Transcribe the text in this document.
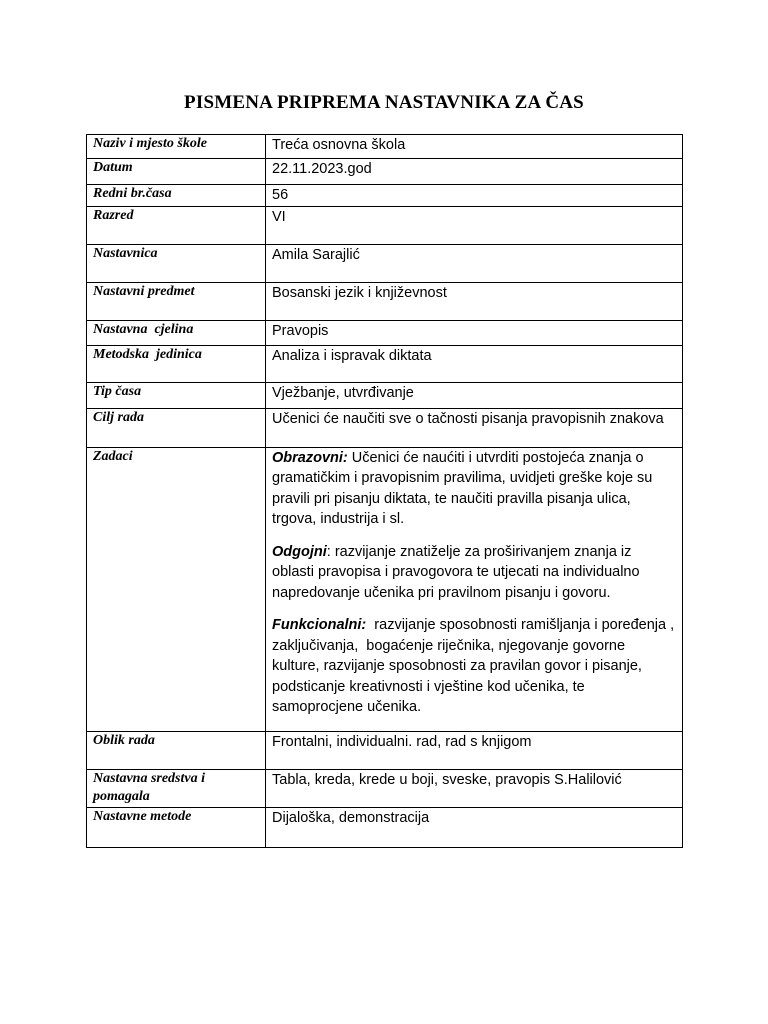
PISMENA PRIPREMA NASTAVNIKA ZA ČAS
Naziv i mjesto škole	Treća osnovna škola
Datum	22.11.2023.god
Redni br.časa	56
Razred	VI
Nastavnica	Amila Sarajlić
Nastavni predmet	Bosanski jezik i književnost
Nastavna  cjelina	Pravopis
Metodska  jedinica	Analiza i ispravak diktata
Tip časa	Vježbanje, utvrđivanje
Cilj rada	Učenici će naučiti sve o tačnosti pisanja pravopisnih znakova
Zadaci	Obrazovni: Učenici će naućiti i utvrditi postojeća znanja o gramatičkim i pravopisnim pravilima, uvidjeti greške koje su pravili pri pisanju diktata, te naučiti pravilla pisanja ulica, trgova, industrija i sl.

Odgojni: razvijanje znatiželje za proširivanjem znanja iz oblasti pravopisa i pravogovora te utjecati na individualno napredovanje učenika pri pravilnom pisanju i govoru.

Funkcionalni:  razvijanje sposobnosti ramišljanja i poređenja , zaključivanja,  bogaćenje riječnika, njegovanje govorne kulture, razvijanje sposobnosti za pravilan govor i pisanje, podsticanje kreativnosti i vještine kod učenika, te samoprocjene učenika.

Oblik rada	Frontalni, individualni. rad, rad s knjigom
Nastavna sredstva i pomagala	Tabla, kreda, krede u boji, sveske, pravopis S.Halilović
Nastavne metode	Dijaloška, demonstracija
